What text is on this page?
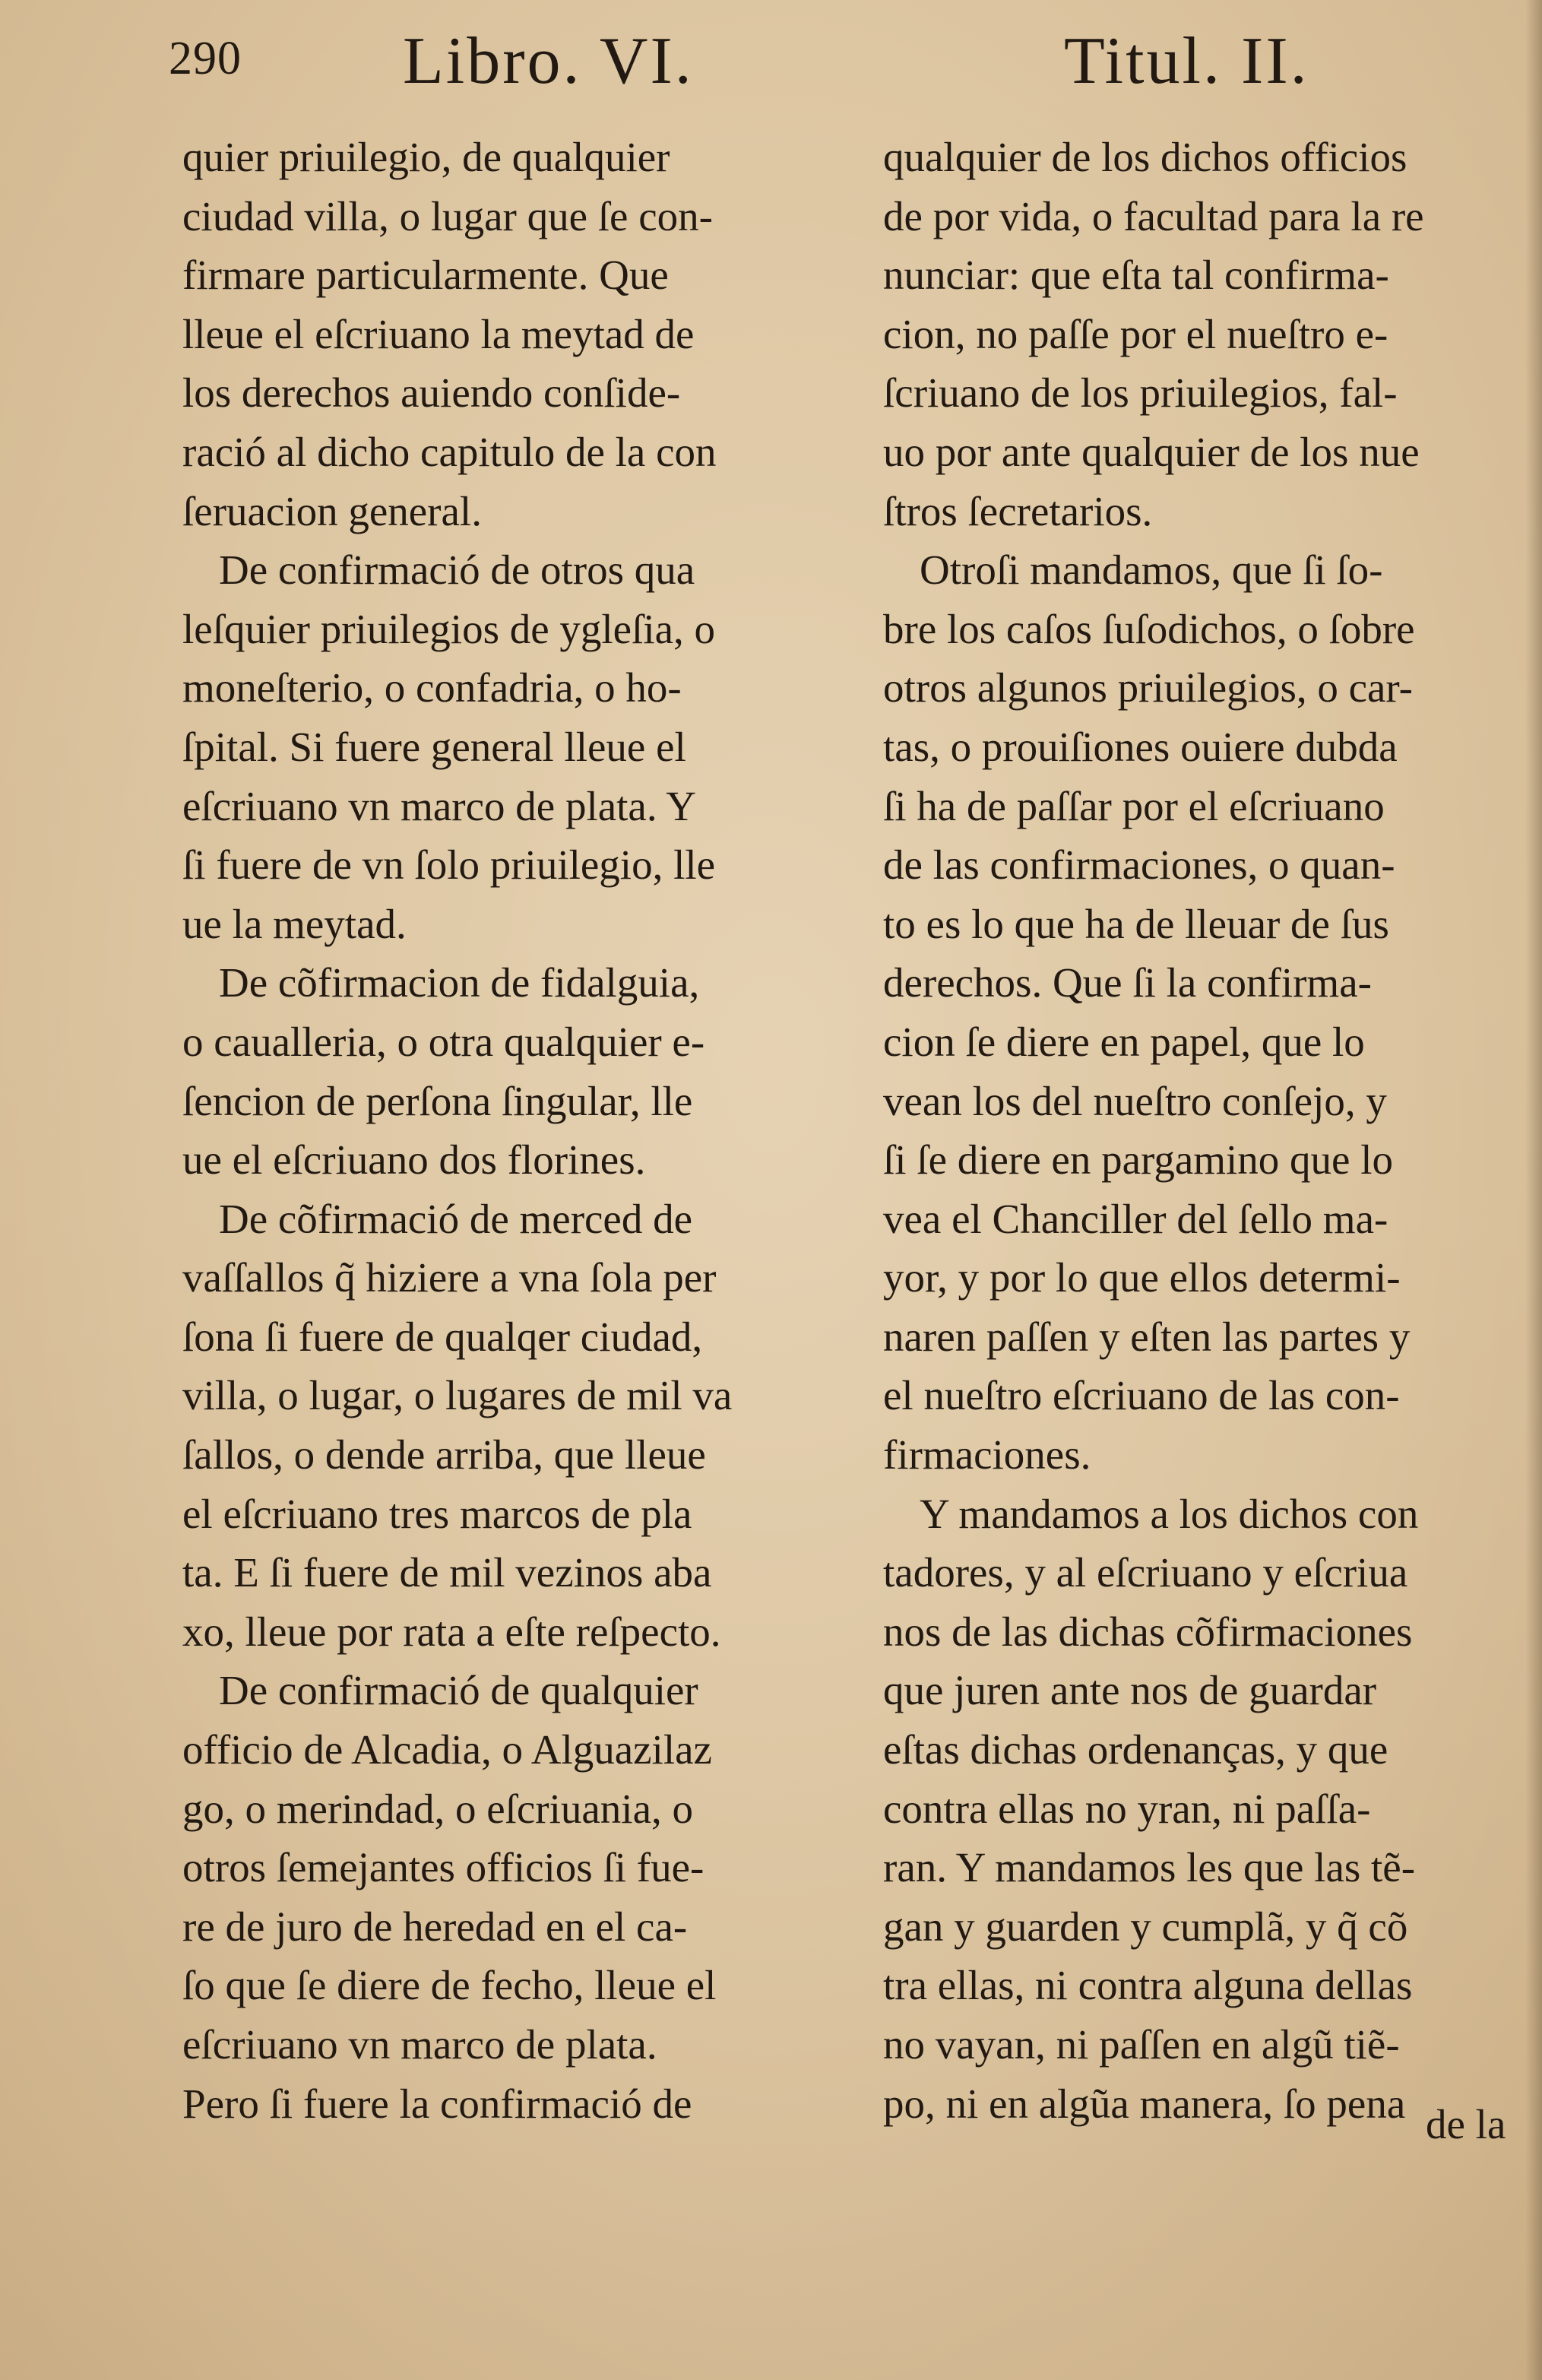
290 Libro. VI.	Titul. II.
quier priuilegio, de qualquier
ciudad villa, o lugar que ſe con-
firmare particularmente. Que
lleue el eſcriuano la meytad de
los derechos auiendo conſide-
ració al dicho capitulo de la con
ſeruacion general.
De confirmació de otros qua
leſquier priuilegios de ygleſia, o
moneſterio, o confadria, o ho-
ſpital. Si fuere general lleue el
eſcriuano vn marco de plata. Y
ſi fuere de vn ſolo priuilegio, lle
ue la meytad.
De cõfirmacion de fidalguia,
o caualleria, o otra qualquier e-
ſencion de perſona ſingular, lle
ue el eſcriuano dos florines.
De cõfirmació de merced de
vaſſallos q̃ hiziere a vna ſola per
ſona ſi fuere de qualqer ciudad,
villa, o lugar, o lugares de mil va
ſallos, o dende arriba, que lleue
el eſcriuano tres marcos de pla
ta. E ſi fuere de mil vezinos aba
xo, lleue por rata a eſte reſpecto.
De confirmació de qualquier
officio de Alcadia, o Alguazilaz
go, o merindad, o eſcriuania, o
otros ſemejantes officios ſi fue-
re de juro de heredad en el ca-
ſo que ſe diere de fecho, lleue el
eſcriuano vn marco de plata.
Pero ſi fuere la confirmació de
qualquier de los dichos officios
de por vida, o facultad para la re
nunciar: que eſta tal confirma-
cion, no paſſe por el nueſtro e-
ſcriuano de los priuilegios, fal-
uo por ante qualquier de los nue
ſtros ſecretarios.
Otroſi mandamos, que ſi ſo-
bre los caſos ſuſodichos, o ſobre
otros algunos priuilegios, o car-
tas, o prouiſiones ouiere dubda
ſi ha de paſſar por el eſcriuano
de las confirmaciones, o quan-
to es lo que ha de lleuar de ſus
derechos. Que ſi la confirma-
cion ſe diere en papel, que lo
vean los del nueſtro conſejo, y
ſi ſe diere en pargamino que lo
vea el Chanciller del ſello ma-
yor, y por lo que ellos determi-
naren paſſen y eſten las partes y
el nueſtro eſcriuano de las con-
firmaciones.
Y mandamos a los dichos con
tadores, y al eſcriuano y eſcriua
nos de las dichas cõfirmaciones
que juren ante nos de guardar
eſtas dichas ordenanças, y que
contra ellas no yran, ni paſſa-
ran. Y mandamos les que las tẽ-
gan y guarden y cumplã, y q̃ cõ
tra ellas, ni contra alguna dellas
no vayan, ni paſſen en algũ tiẽ-
po, ni en algũa manera, ſo pena de la
